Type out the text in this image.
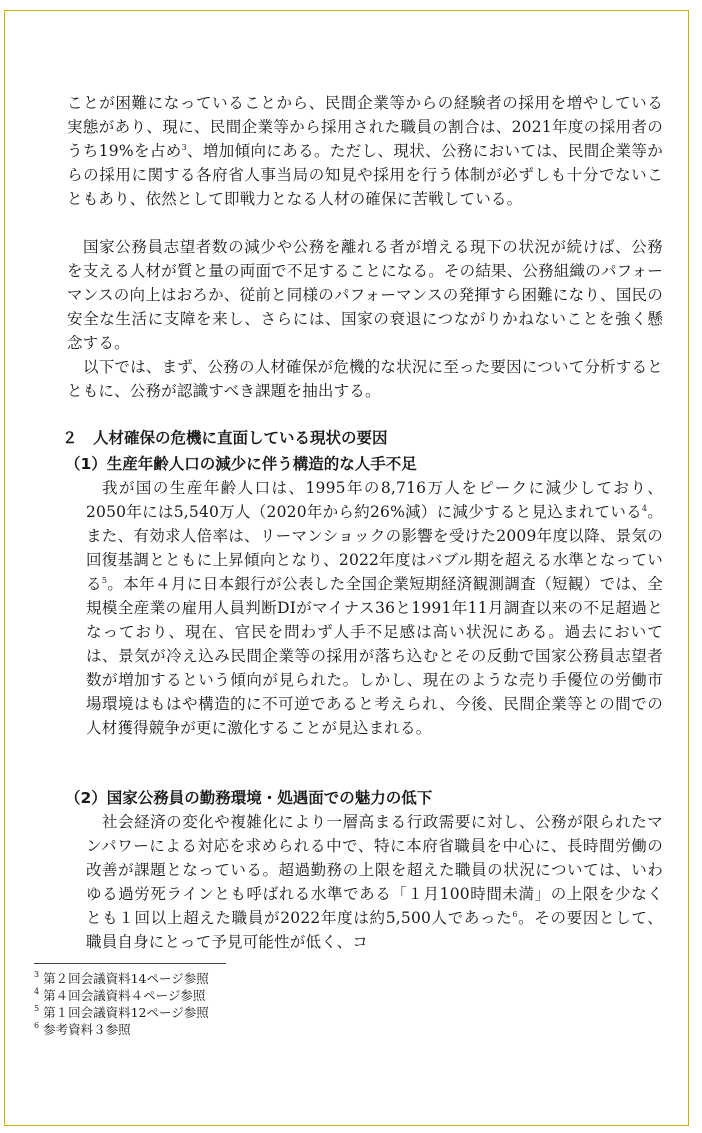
ことが困難になっていることから、民間企業等からの経験者の採用を増やしている実態があり、現に、民間企業等から採用された職員の割合は、2021年度の採用者のうち19%を占め$^3$、増加傾向にある。ただし、現状、公務においては、民間企業等からの採用に関する各府省人事当局の知見や採用を行う体制が必ずしも十分でないこともあり、依然として即戦力となる人材の確保に苦戦している。
国家公務員志望者数の減少や公務を離れる者が増える現下の状況が続けば、公務を支える人材が質と量の両面で不足することになる。その結果、公務組織のパフォーマンスの向上はおろか、従前と同様のパフォーマンスの発揮すら困難になり、国民の安全な生活に支障を来し、さらには、国家の衰退につながりかねないことを強く懸念する。
以下では、まず、公務の人材確保が危機的な状況に至った要因について分析するとともに、公務が認識すべき課題を抽出する。
２　人材確保の危機に直面している現状の要因
（1）生産年齢人口の減少に伴う構造的な人手不足
我が国の生産年齢人口は、1995年の8,716万人をピークに減少しており、2050年には5,540万人（2020年から約26%減）に減少すると見込まれている$^4$。また、有効求人倍率は、リーマンショックの影響を受けた2009年度以降、景気の回復基調とともに上昇傾向となり、2022年度はバブル期を超える水準となっている$^5$。本年４月に日本銀行が公表した全国企業短期経済観測調査（短観）では、全規模全産業の雇用人員判断DIがマイナス36と1991年11月調査以来の不足超過となっており、現在、官民を問わず人手不足感は高い状況にある。過去においては、景気が冷え込み民間企業等の採用が落ち込むとその反動で国家公務員志望者数が増加するという傾向が見られた。しかし、現在のような売り手優位の労働市場環境はもはや構造的に不可逆であると考えられ、今後、民間企業等との間での人材獲得競争が更に激化することが見込まれる。
（2）国家公務員の勤務環境・処遇面での魅力の低下
社会経済の変化や複雑化により一層高まる行政需要に対し、公務が限られたマンパワーによる対応を求められる中で、特に本府省職員を中心に、長時間労働の改善が課題となっている。超過勤務の上限を超えた職員の状況については、いわゆる過労死ラインとも呼ばれる水準である「１月100時間未満」の上限を少なくとも１回以上超えた職員が2022年度は約5,500人であった$^6$。その要因として、職員自身にとって予見可能性が低く、コ
$^3$ 第２回会議資料14ページ参照
$^4$ 第４回会議資料４ページ参照
$^5$ 第１回会議資料12ページ参照
$^6$ 参考資料３参照
